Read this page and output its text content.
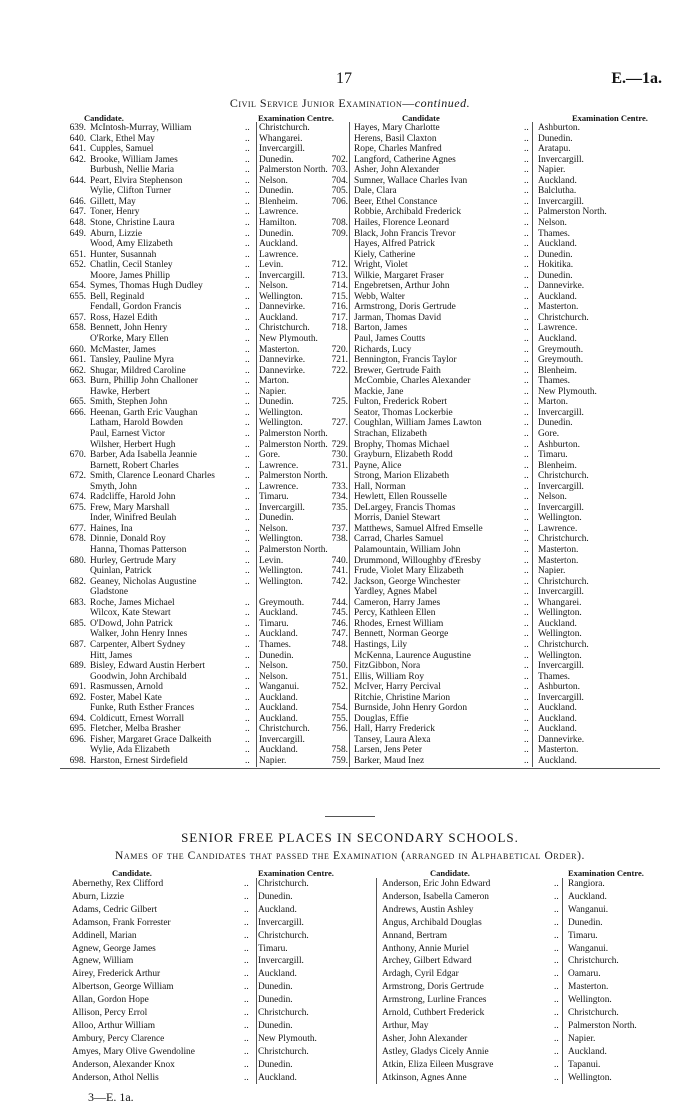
17	E.—1a.
Civil Service Junior Examination—continued.
Candidate.	Examination Centre.	Candidate	Examination Centre.
639. McIntosh-Murray, William	.. Christchurch.
640. Clark, Ethel May	.. Whangarei.
641. Cupples, Samuel	.. Invercargill.
642. Brooke, William James	.. Dunedin.
Burbush, Nellie Maria	.. Palmerston North.
644. Peart, Elvira Stephenson	.. Nelson.
Wylie, Clifton Turner	.. Dunedin.
646. Gillett, May	.. Blenheim.
647. Toner, Henry	.. Lawrence.
648. Stone, Christine Laura	.. Hamilton.
649. Aburn, Lizzie	.. Dunedin.
Wood, Amy Elizabeth	.. Auckland.
651. Hunter, Susannah	.. Lawrence.
652. Chatlin, Cecil Stanley	.. Levin.
Moore, James Phillip	.. Invercargill.
654. Symes, Thomas Hugh Dudley	.. Nelson.
655. Bell, Reginald	.. Wellington.
Fendall, Gordon Francis	.. Dannevirke.
657. Ross, Hazel Edith	.. Auckland.
658. Bennett, John Henry	.. Christchurch.
O'Rorke, Mary Ellen	.. New Plymouth.
660. McMaster, James	.. Masterton.
661. Tansley, Pauline Myra	.. Dannevirke.
662. Shugar, Mildred Caroline	.. Dannevirke.
663. Burn, Phillip John Challoner	.. Marton.
Hawke, Herbert	.. Napier.
665. Smith, Stephen John	.. Dunedin.
666. Heenan, Garth Eric Vaughan	.. Wellington.
Latham, Harold Bowden	.. Wellington.
Paul, Earnest Victor	.. Palmerston North.
Wilsher, Herbert Hugh	.. Palmerston North.
670. Barber, Ada Isabella Jeannie	.. Gore.
Barnett, Robert Charles	.. Lawrence.
672. Smith, Clarence Leonard Charles	.. Palmerston North.
Smyth, John	.. Lawrence.
674. Radcliffe, Harold John	.. Timaru.
675. Frew, Mary Marshall	.. Invercargill.
Inder, Winifred Beulah	.. Dunedin.
677. Haines, Ina	.. Nelson.
678. Dinnie, Donald Roy	.. Wellington.
Hanna, Thomas Patterson	.. Palmerston North.
680. Hurley, Gertrude Mary	.. Levin.
Quinlan, Patrick	.. Wellington.
682. Geaney, Nicholas Augustine	.. Wellington.
Gladstone
683. Roche, James Michael	.. Greymouth.
Wilcox, Kate Stewart	.. Auckland.
685. O'Dowd, John Patrick	.. Timaru.
Walker, John Henry Innes	.. Auckland.
687. Carpenter, Albert Sydney	.. Thames.
Hitt, James	.. Dunedin.
689. Bisley, Edward Austin Herbert	.. Nelson.
Goodwin, John Archibald	.. Nelson.
691. Rasmussen, Arnold	.. Wanganui.
692. Foster, Mabel Kate	.. Auckland.
Funke, Ruth Esther Frances	.. Auckland.
694. Coldicutt, Ernest Worrall	.. Auckland.
695. Fletcher, Melba Brasher	.. Christchurch.
696. Fisher, Margaret Grace Dalkeith	.. Invercargill.
Wylie, Ada Elizabeth	.. Auckland.
698. Harston, Ernest Sirdefield	.. Napier.
Hayes, Mary Charlotte	.. Ashburton.
Herens, Basil Claxton	.. Dunedin.
Rope, Charles Manfred	.. Aratapu.
702. Langford, Catherine Agnes	.. Invercargill.
703. Asher, John Alexander	.. Napier.
704. Sumner, Wallace Charles Ivan	.. Auckland.
705. Dale, Clara	.. Balclutha.
706. Beer, Ethel Constance	.. Invercargill.
Robbie, Archibald Frederick	.. Palmerston North.
708. Hailes, Florence Leonard	.. Nelson.
709. Black, John Francis Trevor	.. Thames.
Hayes, Alfred Patrick	.. Auckland.
Kiely, Catherine	.. Dunedin.
712. Wright, Violet	.. Hokitika.
713. Wilkie, Margaret Fraser	.. Dunedin.
714. Engebretsen, Arthur John	.. Dannevirke.
715. Webb, Walter	.. Auckland.
716. Armstrong, Doris Gertrude	.. Masterton.
717. Jarman, Thomas David	.. Christchurch.
718. Barton, James	.. Lawrence.
Paul, James Coutts	.. Auckland.
720. Richards, Lucy	.. Greymouth.
721. Bennington, Francis Taylor	.. Greymouth.
722. Brewer, Gertrude Faith	.. Blenheim.
McCombie, Charles Alexander	.. Thames.
Mackie, Jane	.. New Plymouth.
725. Fulton, Frederick Robert	.. Marton.
Seator, Thomas Lockerbie	.. Invercargill.
727. Coughlan, William James Lawton	.. Dunedin.
Strachan, Elizabeth	.. Gore.
729. Brophy, Thomas Michael	.. Ashburton.
730. Grayburn, Elizabeth Rodd	.. Timaru.
731. Payne, Alice	.. Blenheim.
Strong, Marion Elizabeth	.. Christchurch.
733. Hall, Norman	.. Invercargill.
734. Hewlett, Ellen Rousselle	.. Nelson.
735. DeLargey, Francis Thomas	.. Invercargill.
Morris, Daniel Stewart	.. Wellington.
737. Matthews, Samuel Alfred Emselle	.. Lawrence.
738. Carrad, Charles Samuel	.. Christchurch.
Palamountain, William John	.. Masterton.
740. Drummond, Willoughby d'Eresby	.. Masterton.
741. Frude, Violet Mary Elizabeth	.. Napier.
742. Jackson, George Winchester	.. Christchurch.
Yardley, Agnes Mabel	.. Invercargill.
744. Cameron, Harry James	.. Whangarei.
745. Percy, Kathleen Ellen	.. Wellington.
746. Rhodes, Ernest William	.. Auckland.
747. Bennett, Norman George	.. Wellington.
748. Hastings, Lily	.. Christchurch.
McKenna, Laurence Augustine	.. Wellington.
750. FitzGibbon, Nora	.. Invercargill.
751. Ellis, William Roy	.. Thames.
752. McIver, Harry Percival	.. Ashburton.
Ritchie, Christine Marion	.. Invercargill.
754. Burnside, John Henry Gordon	.. Auckland.
755. Douglas, Effie	.. Auckland.
756. Hall, Harry Frederick	.. Auckland.
Tansey, Laura Alexa	.. Dannevirke.
758. Larsen, Jens Peter	.. Masterton.
759. Barker, Maud Inez	.. Auckland.
SENIOR FREE PLACES IN SECONDARY SCHOOLS.
Names of the Candidates that passed the Examination (arranged in Alphabetical Order).
Candidate.	Examination Centre.	Candidate.	Examination Centre.
Abernethy, Rex Clifford	.. Christchurch.
Aburn, Lizzie	.. Dunedin.
Adams, Cedric Gilbert	.. Auckland.
Adamson, Frank Forrester	.. Invercargill.
Addinell, Marian	.. Christchurch.
Agnew, George James	.. Timaru.
Agnew, William	.. Invercargill.
Airey, Frederick Arthur	.. Auckland.
Albertson, George William	.. Dunedin.
Allan, Gordon Hope	.. Dunedin.
Allison, Percy Errol	.. Christchurch.
Alloo, Arthur William	.. Dunedin.
Ambury, Percy Clarence	.. New Plymouth.
Amyes, Mary Olive Gwendoline	.. Christchurch.
Anderson, Alexander Knox	.. Dunedin.
Anderson, Athol Nellis	.. Auckland.
Anderson, Eric John Edward	.. Rangiora.
Anderson, Isabella Cameron	.. Auckland.
Andrews, Austin Ashley	.. Wanganui.
Angus, Archibald Douglas	.. Dunedin.
Annand, Bertram	.. Timaru.
Anthony, Annie Muriel	.. Wanganui.
Archey, Gilbert Edward	.. Christchurch.
Ardagh, Cyril Edgar	.. Oamaru.
Armstrong, Doris Gertrude	.. Masterton.
Armstrong, Lurline Frances	.. Wellington.
Arnold, Cuthbert Frederick	.. Christchurch.
Arthur, May	.. Palmerston North.
Asher, John Alexander	.. Napier.
Astley, Gladys Cicely Annie	.. Auckland.
Atkin, Eliza Eileen Musgrave	.. Tapanui.
Atkinson, Agnes Anne	.. Wellington.
3—E. 1a.
